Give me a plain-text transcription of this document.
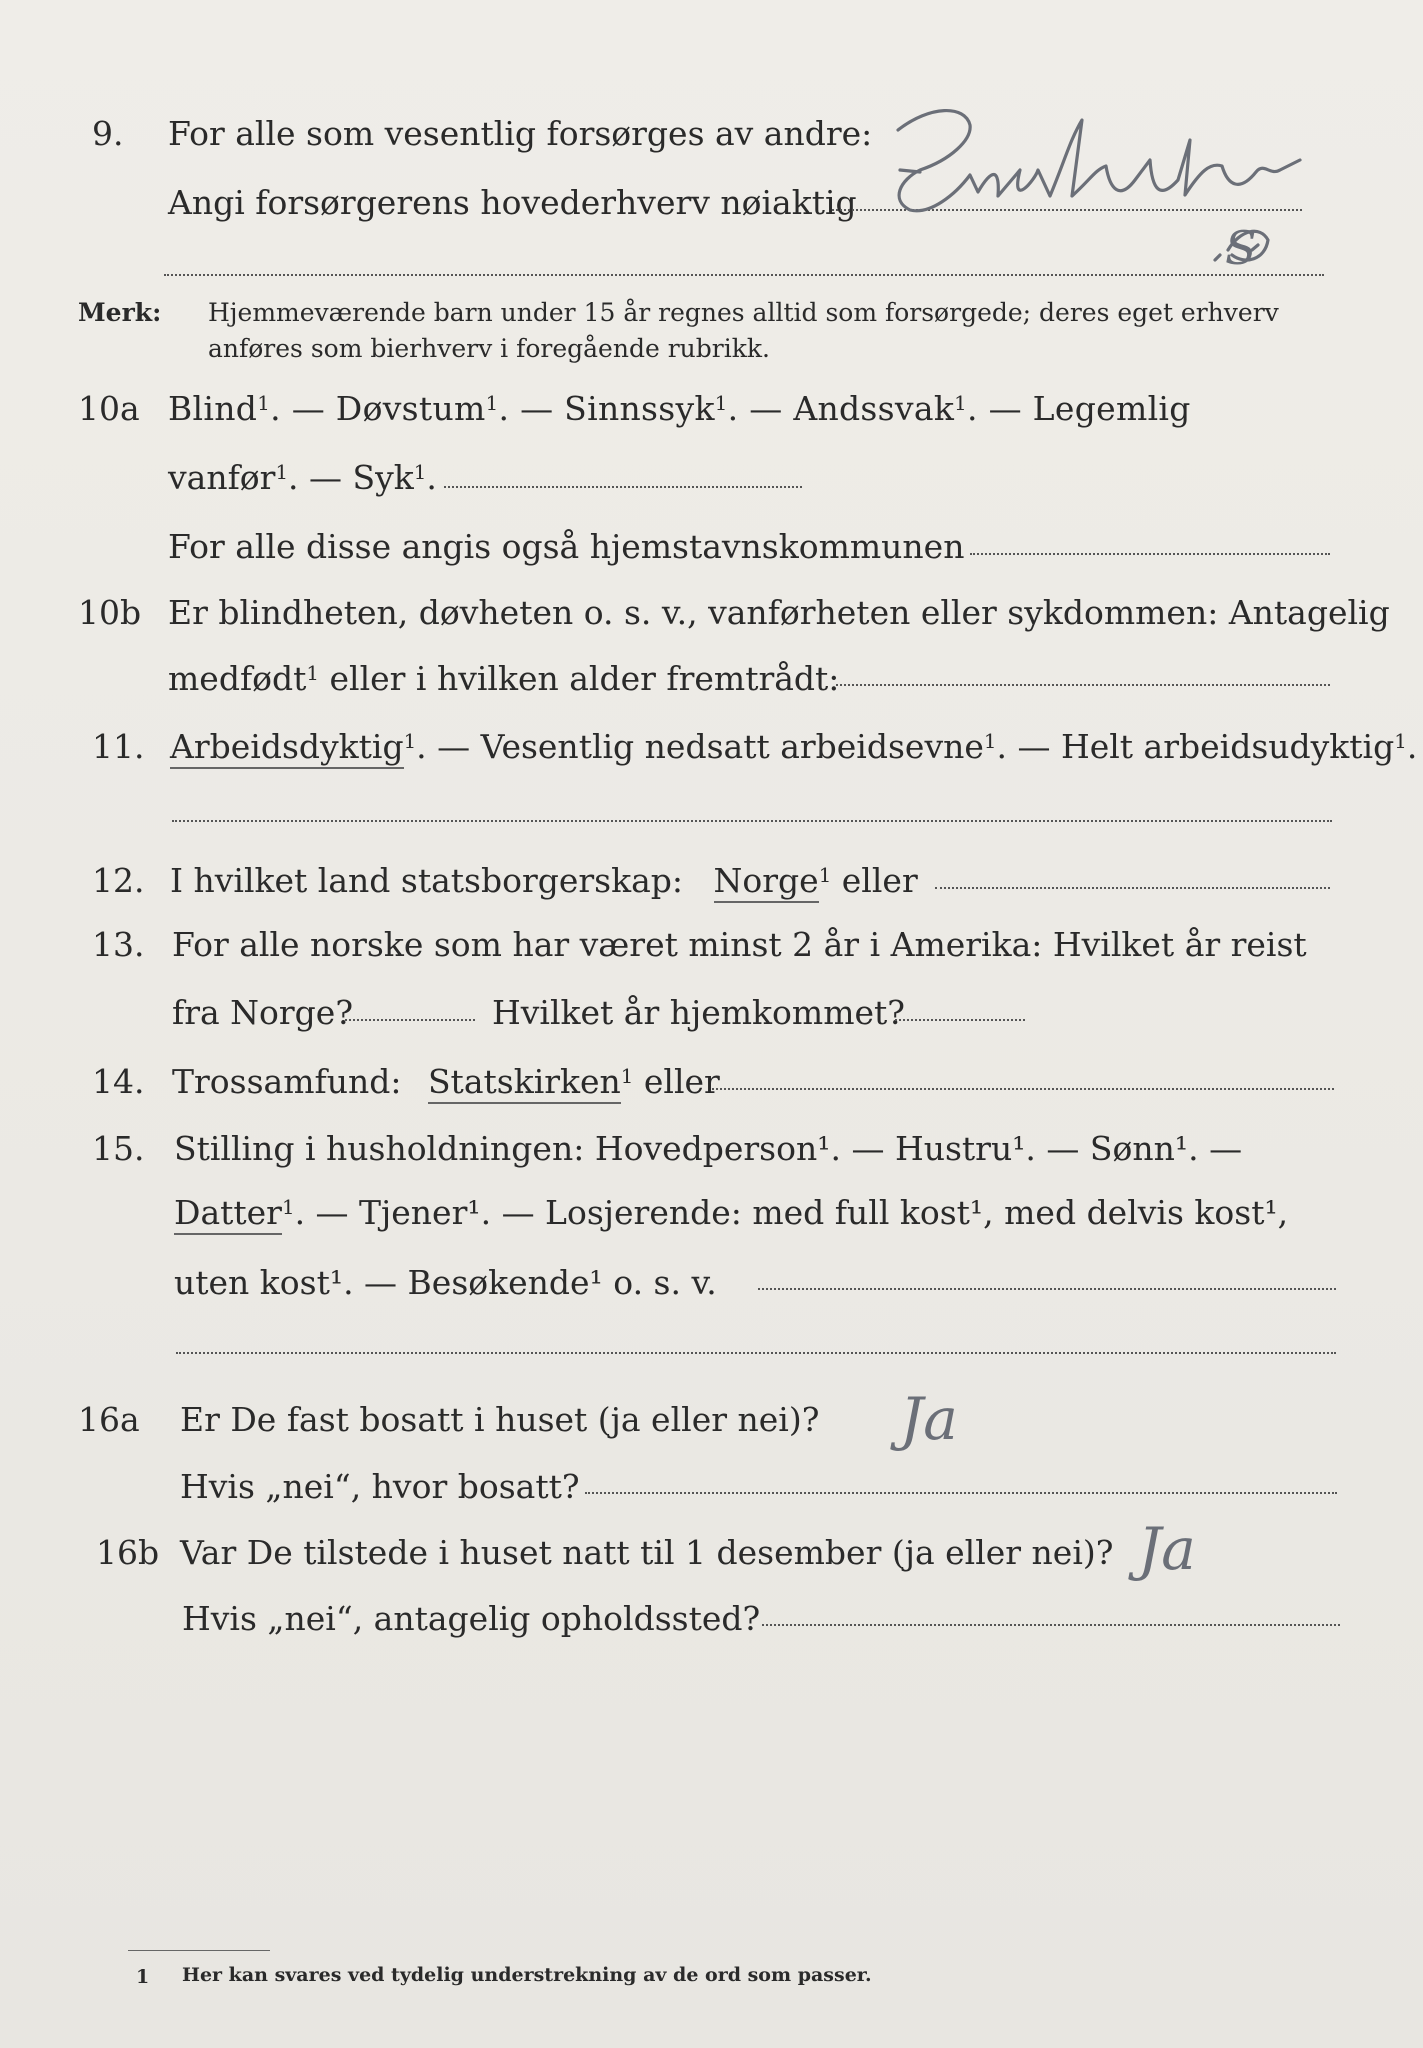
9. For alle som vesentlig forsørges av andre:
Angi forsørgerens hovederhverv nøiaktig
S
Merk: Hjemmeværende barn under 15 år regnes alltid som forsørgede; deres eget erhverv
anføres som bierhverv i foregående rubrikk.
10a Blind$^1$. — Døvstum$^1$. — Sinnssyk$^1$. — Andssvak$^1$. — Legemlig
vanfør$^1$. — Syk$^1$.
For alle disse angis også hjemstavnskommunen
10b Er blindheten, døvheten o. s. v., vanførheten eller sykdommen: Antagelig
medfødt$^1$ eller i hvilken alder fremtrådt:
11. Arbeidsdyktig$^1$. — Vesentlig nedsatt arbeidsevne$^1$. — Helt arbeidsudyktig$^1$.
12. I hvilket land statsborgerskap: Norge$^1$ eller
13. For alle norske som har været minst 2 år i Amerika: Hvilket år reist
fra Norge?	Hvilket år hjemkommet?
14. Trossamfund: Statskirken$^1$ eller
15. Stilling i husholdningen: Hovedperson¹. — Hustru¹. — Sønn¹. —
Datter$^1$. — Tjener¹. — Losjerende: med full kost¹, med delvis kost¹,
uten kost¹. — Besøkende¹ o. s. v.
16a Er De fast bosatt i huset (ja eller nei)? Ja
Hvis „nei“, hvor bosatt?
16b Var De tilstede i huset natt til 1 desember (ja eller nei)? Ja
Hvis „nei“, antagelig opholdssted?
1 Her kan svares ved tydelig understrekning av de ord som passer.
